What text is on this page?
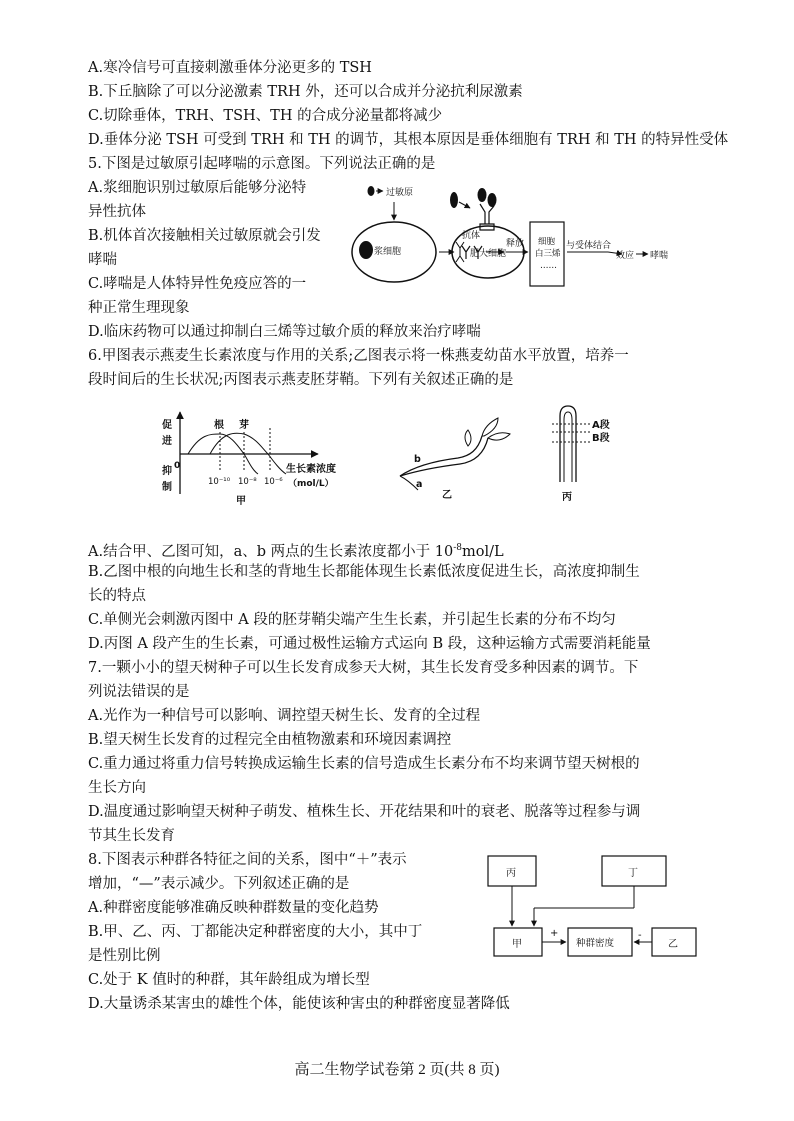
A.寒冷信号可直接刺激垂体分泌更多的 TSH
B.下丘脑除了可以分泌激素 TRH 外，还可以合成并分泌抗利尿激素
C.切除垂体，TRH、TSH、TH 的合成分泌量都将减少
D.垂体分泌 TSH 可受到 TRH 和 TH 的调节，其根本原因是垂体细胞有 TRH 和 TH 的特异性受体
5.下图是过敏原引起哮喘的示意图。下列说法正确的是
A.浆细胞识别过敏原后能够分泌特
异性抗体
B.机体首次接触相关过敏原就会引发
哮喘
C.哮喘是人体特异性免疫应答的一
种正常生理现象
D.临床药物可以通过抑制白三烯等过敏介质的释放来治疗哮喘
过敏原
浆细胞
抗体
肥大细胞
释放 细胞
白三烯
……
与受体结合
效应 哮喘
6.甲图表示燕麦生长素浓度与作用的关系;乙图表示将一株燕麦幼苗水平放置，培养一
段时间后的生长状况;丙图表示燕麦胚芽鞘。下列有关叙述正确的是
促
进
抑
制
0
根 芽
10⁻¹⁰ 10⁻⁸ 10⁻⁶
生长素浓度
（mol/L）
甲
b
a
乙
A段
B段
丙
A.结合甲、乙图可知，a、b 两点的生长素浓度都小于 $10^{-8}mol/L$
B.乙图中根的向地生长和茎的背地生长都能体现生长素低浓度促进生长，高浓度抑制生
长的特点
C.单侧光会刺激丙图中 A 段的胚芽鞘尖端产生生长素，并引起生长素的分布不均匀
D.丙图 A 段产生的生长素，可通过极性运输方式运向 B 段，这种运输方式需要消耗能量
7.一颗小小的望天树种子可以生长发育成参天大树，其生长发育受多种因素的调节。下
列说法错误的是
A.光作为一种信号可以影响、调控望天树生长、发育的全过程
B.望天树生长发育的过程完全由植物激素和环境因素调控
C.重力通过将重力信号转换成运输生长素的信号造成生长素分布不均来调节望天树根的
生长方向
D.温度通过影响望天树种子萌发、植株生长、开花结果和叶的衰老、脱落等过程参与调
节其生长发育
8.下图表示种群各特征之间的关系，图中“＋”表示
增加，“—”表示减少。下列叙述正确的是
A.种群密度能够准确反映种群数量的变化趋势
B.甲、乙、丙、丁都能决定种群密度的大小，其中丁
是性别比例
C.处于 K 值时的种群，其年龄组成为增长型
D.大量诱杀某害虫的雄性个体，能使该种害虫的种群密度显著降低
丙	丁
甲	种群密度	乙
+	-
高二生物学试卷第 2 页(共 8 页)
